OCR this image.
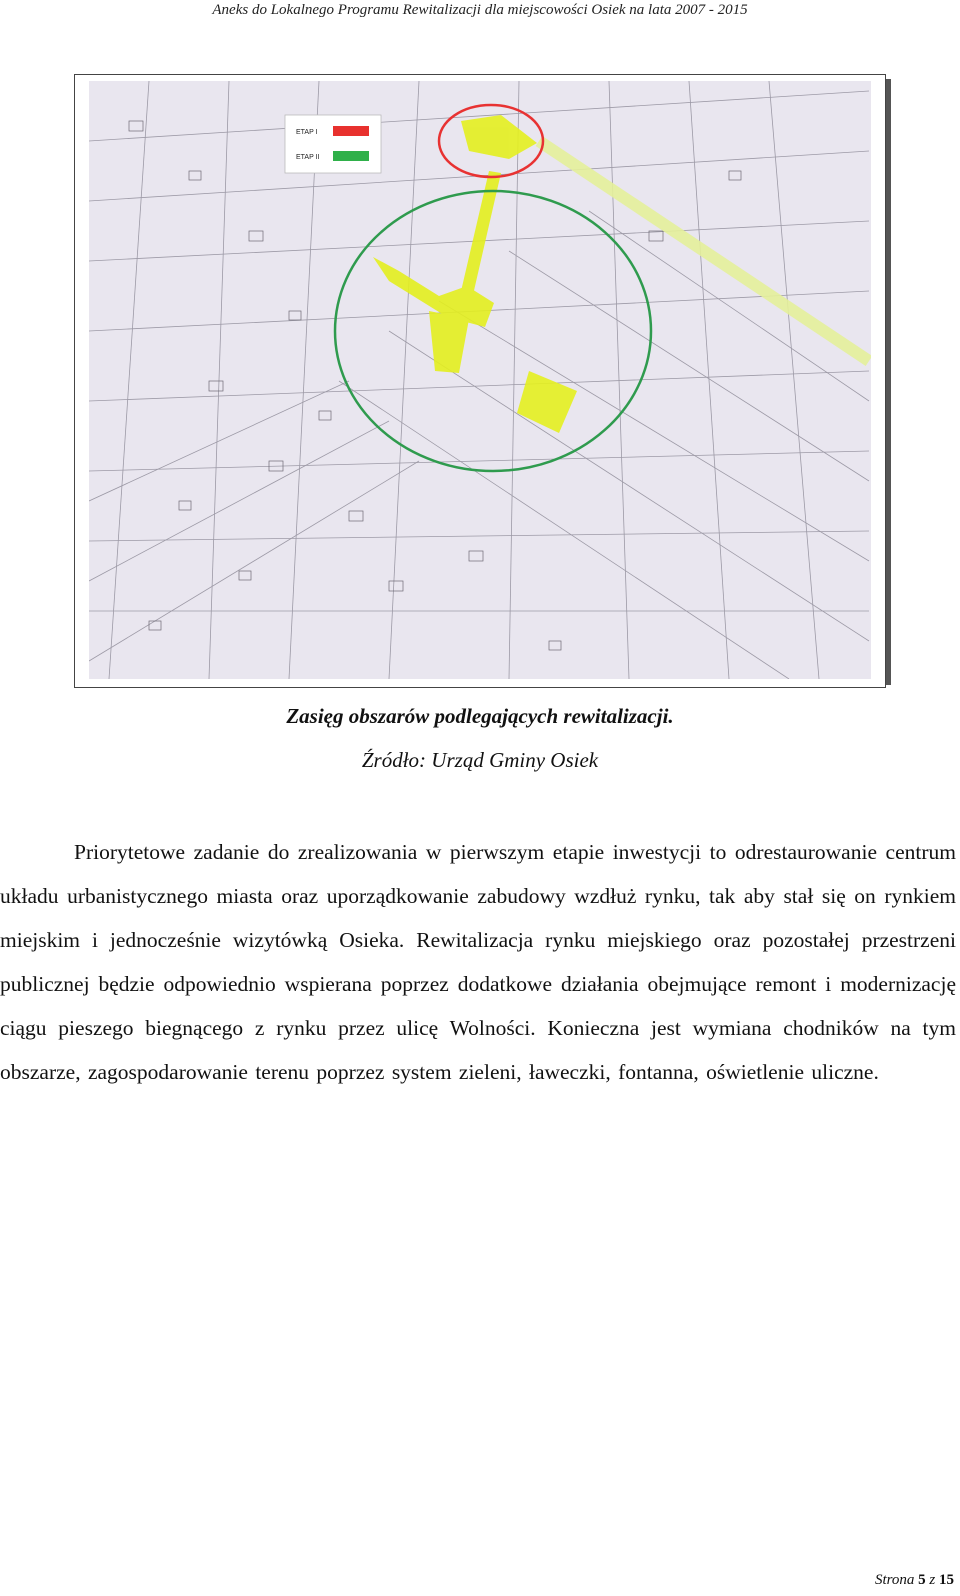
Aneks do Lokalnego Programu Rewitalizacji dla miejscowości Osiek na lata 2007 - 2015
ETAP I
ETAP II
Zasięg obszarów podlegających rewitalizacji.
Źródło: Urząd Gminy Osiek

Priorytetowe zadanie do zrealizowania w pierwszym etapie inwestycji to odrestaurowanie centrum układu urbanistycznego miasta oraz uporządkowanie zabudowy wzdłuż rynku, tak aby stał się on rynkiem miejskim i jednocześnie wizytówką Osieka. Rewitalizacja rynku miejskiego oraz pozostałej przestrzeni publicznej będzie odpowiednio wspierana poprzez dodatkowe działania obejmujące remont i modernizację ciągu pieszego biegnącego z rynku przez ulicę Wolności. Konieczna jest wymiana chodników na tym obszarze, zagospodarowanie terenu poprzez system zieleni, ławeczki, fontanna, oświetlenie uliczne.

Strona 5 z 15
